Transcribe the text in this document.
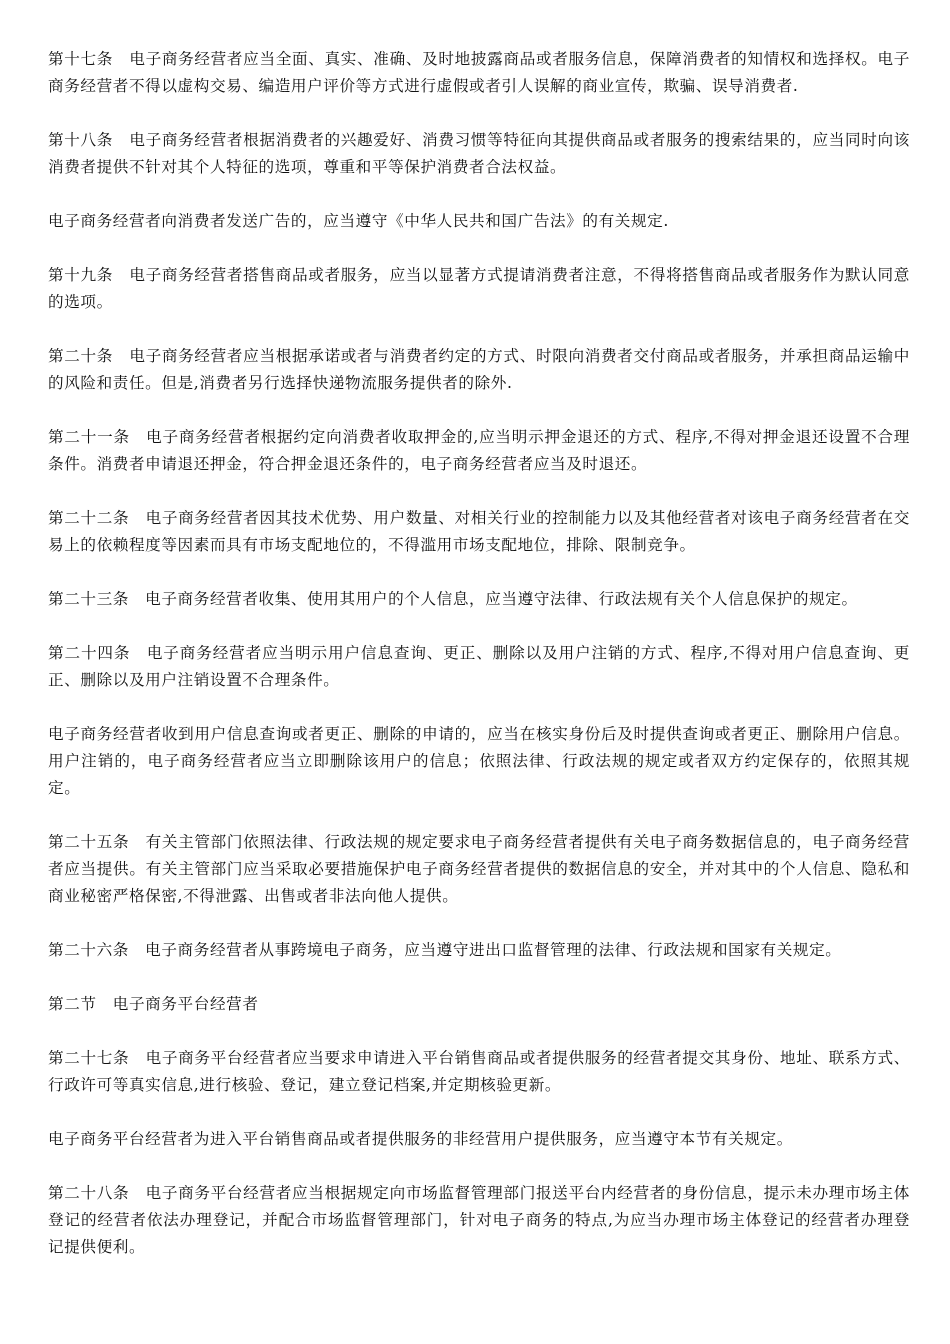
第十七条　电子商务经营者应当全面、真实、准确、及时地披露商品或者服务信息，保障消费者的知情权和选择权。电子商务经营者不得以虚构交易、编造用户评价等方式进行虚假或者引人误解的商业宣传，欺骗、误导消费者.

第十八条　电子商务经营者根据消费者的兴趣爱好、消费习惯等特征向其提供商品或者服务的搜索结果的，应当同时向该消费者提供不针对其个人特征的选项，尊重和平等保护消费者合法权益。

电子商务经营者向消费者发送广告的，应当遵守《中华人民共和国广告法》的有关规定.

第十九条　电子商务经营者搭售商品或者服务，应当以显著方式提请消费者注意，不得将搭售商品或者服务作为默认同意的选项。

第二十条　电子商务经营者应当根据承诺或者与消费者约定的方式、时限向消费者交付商品或者服务，并承担商品运输中的风险和责任。但是,消费者另行选择快递物流服务提供者的除外.

第二十一条　电子商务经营者根据约定向消费者收取押金的,应当明示押金退还的方式、程序,不得对押金退还设置不合理条件。消费者申请退还押金，符合押金退还条件的，电子商务经营者应当及时退还。

第二十二条　电子商务经营者因其技术优势、用户数量、对相关行业的控制能力以及其他经营者对该电子商务经营者在交易上的依赖程度等因素而具有市场支配地位的，不得滥用市场支配地位，排除、限制竞争。

第二十三条　电子商务经营者收集、使用其用户的个人信息，应当遵守法律、行政法规有关个人信息保护的规定。

第二十四条　电子商务经营者应当明示用户信息查询、更正、删除以及用户注销的方式、程序,不得对用户信息查询、更正、删除以及用户注销设置不合理条件。

电子商务经营者收到用户信息查询或者更正、删除的申请的，应当在核实身份后及时提供查询或者更正、删除用户信息。用户注销的，电子商务经营者应当立即删除该用户的信息；依照法律、行政法规的规定或者双方约定保存的，依照其规定。

第二十五条　有关主管部门依照法律、行政法规的规定要求电子商务经营者提供有关电子商务数据信息的，电子商务经营者应当提供。有关主管部门应当采取必要措施保护电子商务经营者提供的数据信息的安全，并对其中的个人信息、隐私和商业秘密严格保密,不得泄露、出售或者非法向他人提供。

第二十六条　电子商务经营者从事跨境电子商务，应当遵守进出口监督管理的法律、行政法规和国家有关规定。

第二节　电子商务平台经营者

第二十七条　电子商务平台经营者应当要求申请进入平台销售商品或者提供服务的经营者提交其身份、地址、联系方式、行政许可等真实信息,进行核验、登记，建立登记档案,并定期核验更新。

电子商务平台经营者为进入平台销售商品或者提供服务的非经营用户提供服务，应当遵守本节有关规定。

第二十八条　电子商务平台经营者应当根据规定向市场监督管理部门报送平台内经营者的身份信息，提示未办理市场主体登记的经营者依法办理登记，并配合市场监督管理部门，针对电子商务的特点,为应当办理市场主体登记的经营者办理登记提供便利。
